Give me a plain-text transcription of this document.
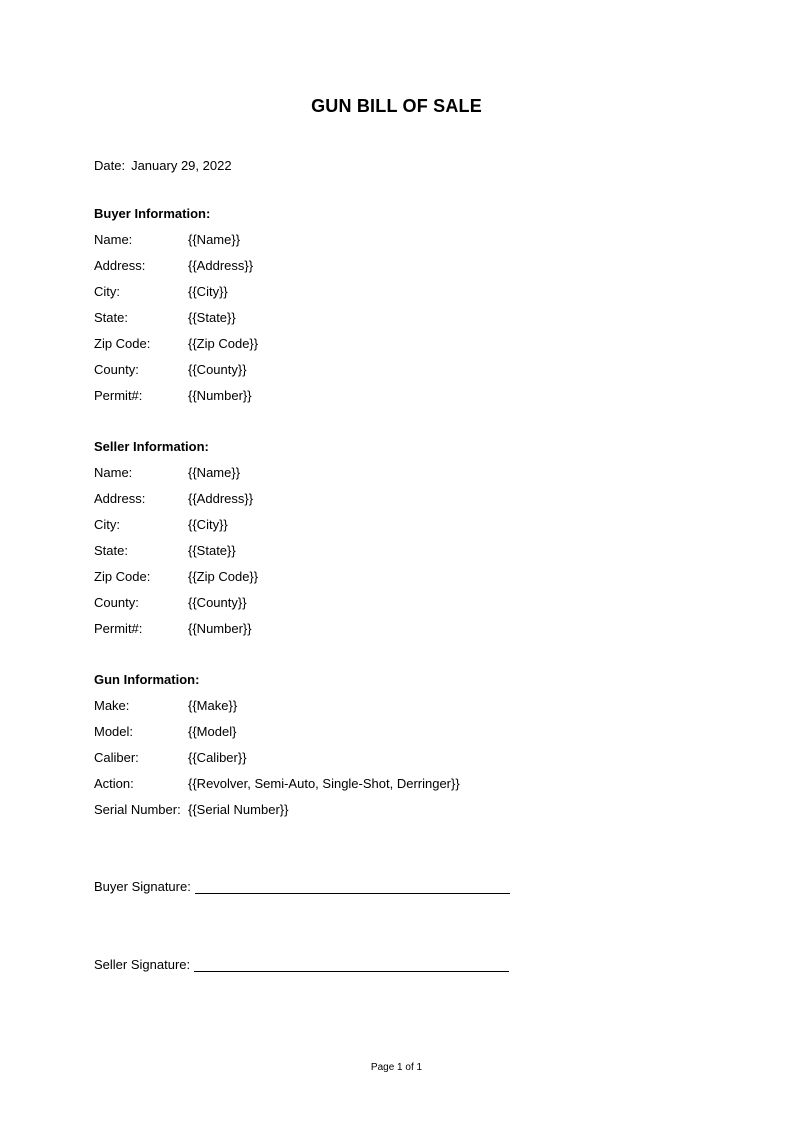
GUN BILL OF SALE
Date: January 29, 2022
Buyer Information:
Name:	{{Name}}
Address:	{{Address}}
City:	{{City}}
State:	{{State}}
Zip Code:	{{Zip Code}}
County:	{{County}}
Permit#:	{{Number}}
Seller Information:
Name:	{{Name}}
Address:	{{Address}}
City:	{{City}}
State:	{{State}}
Zip Code:	{{Zip Code}}
County:	{{County}}
Permit#:	{{Number}}
Gun Information:
Make:	{{Make}}
Model:	{{Model}
Caliber:	{{Caliber}}
Action:	{{Revolver, Semi-Auto, Single-Shot, Derringer}}
Serial Number: {{Serial Number}}
Buyer Signature:
Seller Signature:
Page 1 of 1
